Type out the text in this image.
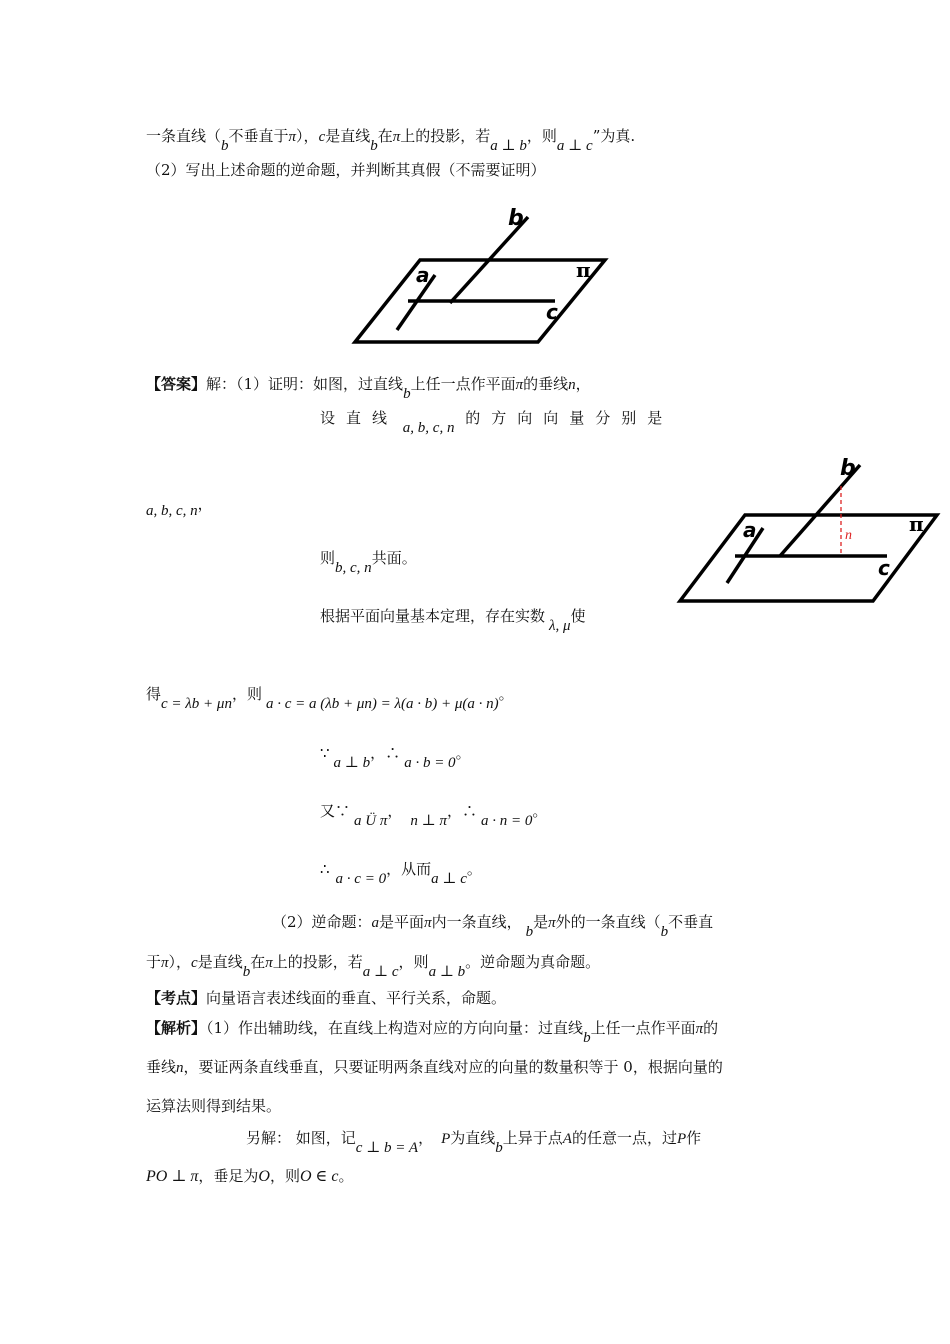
一条直线（b不垂直于π），c是直线b在π上的投影，若a ⊥ b，则a ⊥ c”为真.
（2）写出上述命题的逆命题，并判断其真假（不需要证明）
b
a	π
c
【答案】解：（1）证明：如图，过直线b上任一点作平面π的垂线n，
设直线 a, b, c, n 的方向向量分别是
a, b, c, n，
则b, c, n共面。
根据平面向量基本定理，存在实数λ, μ使
b
a	π
c
n
得c = λb + μn，则a · c = a (λb + μn) = λ(a · b) + μ(a · n)。
∵a ⊥ b，∴a · b = 0。
又∵a Ü π，n ⊥ π，∴a · n = 0。
∴a · c = 0，从而a ⊥ c。
（2）逆命题：a是平面π内一条直线，b是π外的一条直线（b不垂直
于π），c是直线b在π上的投影，若a ⊥ c，则a ⊥ b。逆命题为真命题。
【考点】向量语言表述线面的垂直、平行关系，命题。
【解析】（1）作出辅助线，在直线上构造对应的方向向量：过直线b上任一点作平面π的
垂线n，要证两条直线垂直，只要证明两条直线对应的向量的数量积等于 0，根据向量的
运算法则得到结果。
另解： 如图，记c ⊥ b = A， P为直线b上异于点A的任意一点，过P作
PO ⊥ π，垂足为O，则O ∈ c。
